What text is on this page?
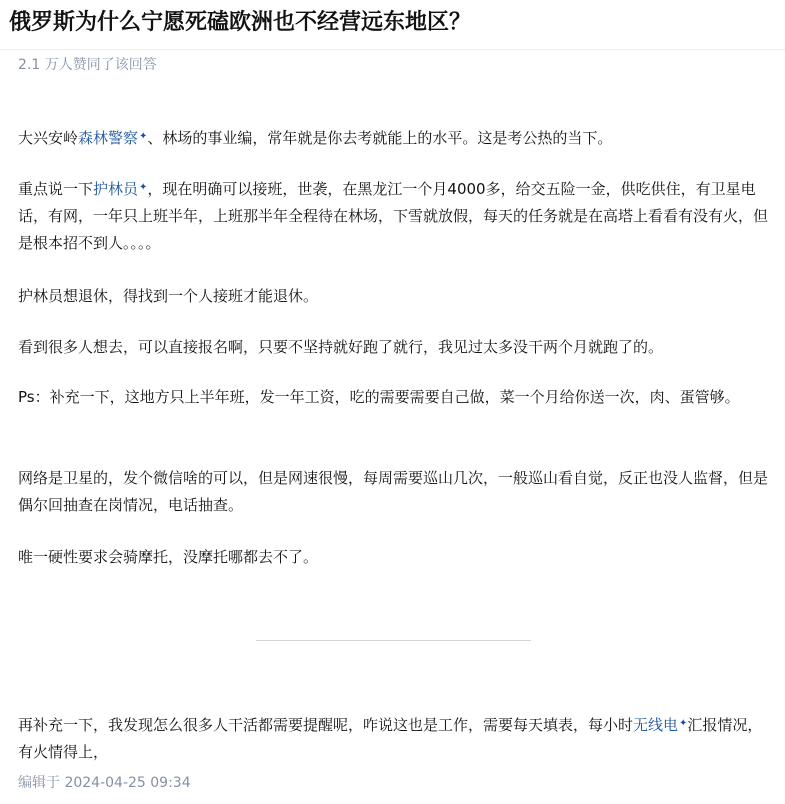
俄罗斯为什么宁愿死磕欧洲也不经营远东地区？
2.1 万人赞同了该回答

大兴安岭森林警察✦、林场的事业编，常年就是你去考就能上的水平。这是考公热的当下。

重点说一下护林员✦，现在明确可以接班，世袭，在黑龙江一个月4000多，给交五险一金，供吃供住，有卫星电话，有网，一年只上班半年，上班那半年全程待在林场，下雪就放假，每天的任务就是在高塔上看看有没有火，但是根本招不到人。。。。

护林员想退休，得找到一个人接班才能退休。

看到很多人想去，可以直接报名啊，只要不坚持就好跑了就行，我见过太多没干两个月就跑了的。

Ps：补充一下，这地方只上半年班，发一年工资，吃的需要需要自己做，菜一个月给你送一次，肉、蛋管够。

网络是卫星的，发个微信啥的可以，但是网速很慢，每周需要巡山几次，一般巡山看自觉，反正也没人监督，但是偶尔回抽查在岗情况，电话抽查。

唯一硬性要求会骑摩托，没摩托哪都去不了。

再补充一下，我发现怎么很多人干活都需要提醒呢，咋说这也是工作，需要每天填表，每小时无线电✦汇报情况，有火情得上，

编辑于 2024-04-25 09:34
